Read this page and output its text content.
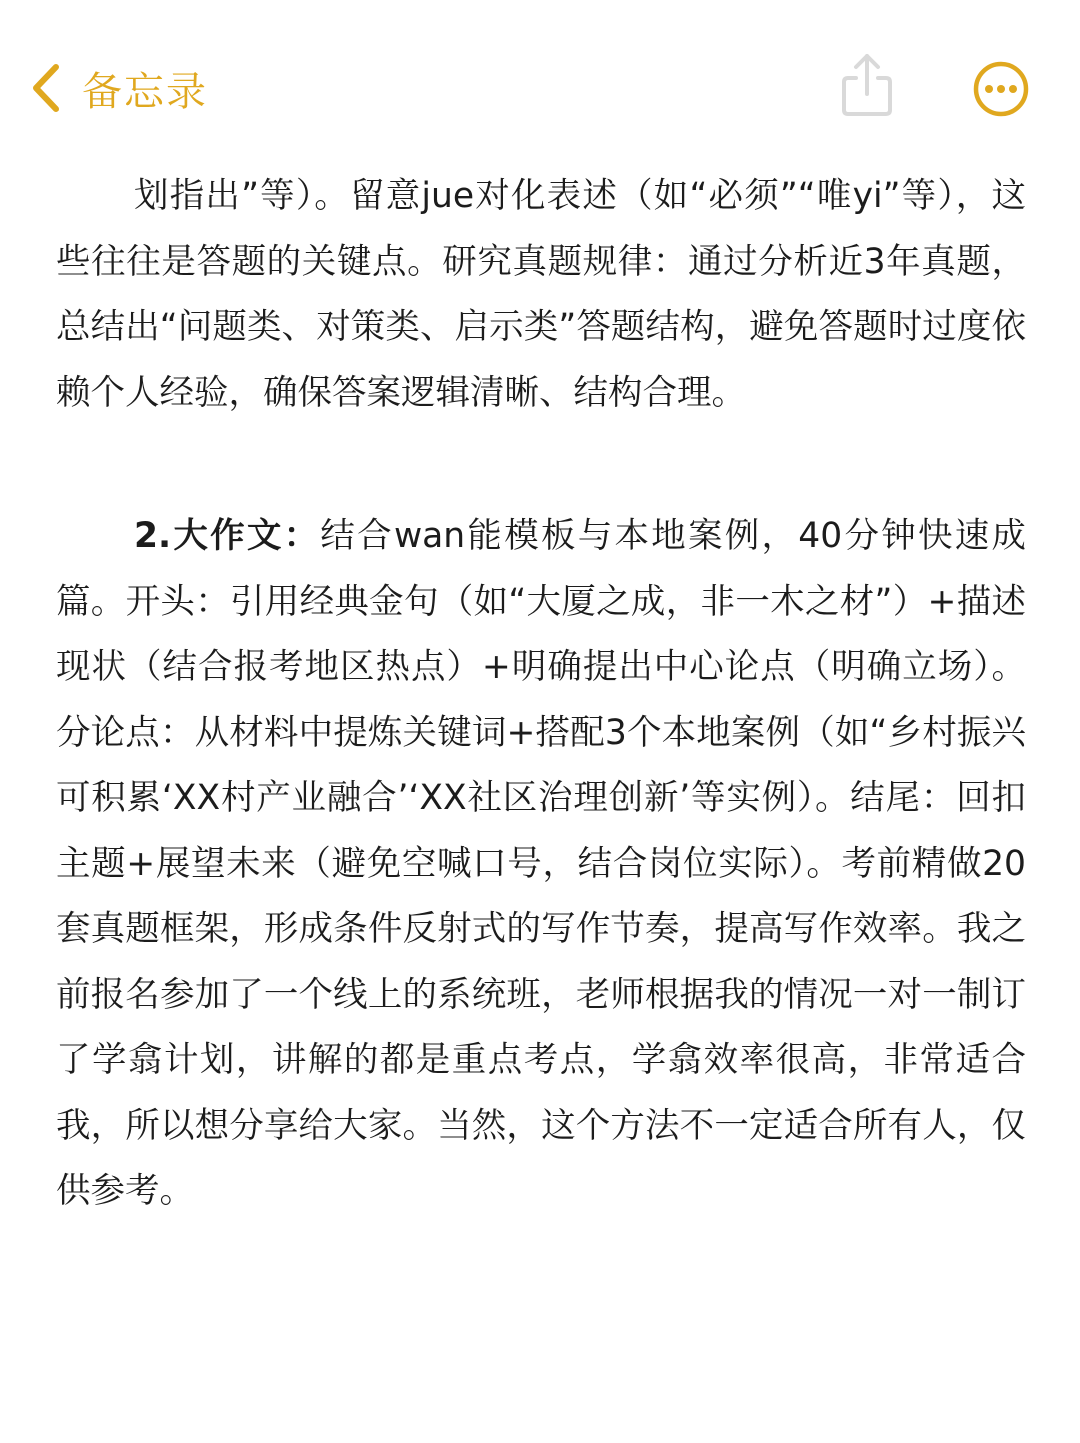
备忘录

划指出”等）。留意jue对化表述（如“必须”“唯yi”等），这些往往是答题的关键点。研究真题规律：通过分析近3年真题，总结出“问题类、对策类、启示类”答题结构，避免答题时过度依赖个人经验，确保答案逻辑清晰、结构合理。

2.大作文：结合wan能模板与本地案例，40分钟快速成篇。开头：引用经典金句（如“大厦之成，非一木之材”）+描述现状（结合报考地区热点）+明确提出中心论点（明确立场）。分论点：从材料中提炼关键词+搭配3个本地案例（如“乡村振兴可积累‘XX村产业融合’‘XX社区治理创新’等实例）。结尾：回扣主题+展望未来（避免空喊口号，结合岗位实际）。考前精做20套真题框架，形成条件反射式的写作节奏，提高写作效率。我之前报名参加了一个线上的系统班，老师根据我的情况一对一制订了学翕计划，讲解的都是重点考点，学翕效率很高，非常适合我，所以想分享给大家。当然，这个方法不一定适合所有人，仅供参考。
